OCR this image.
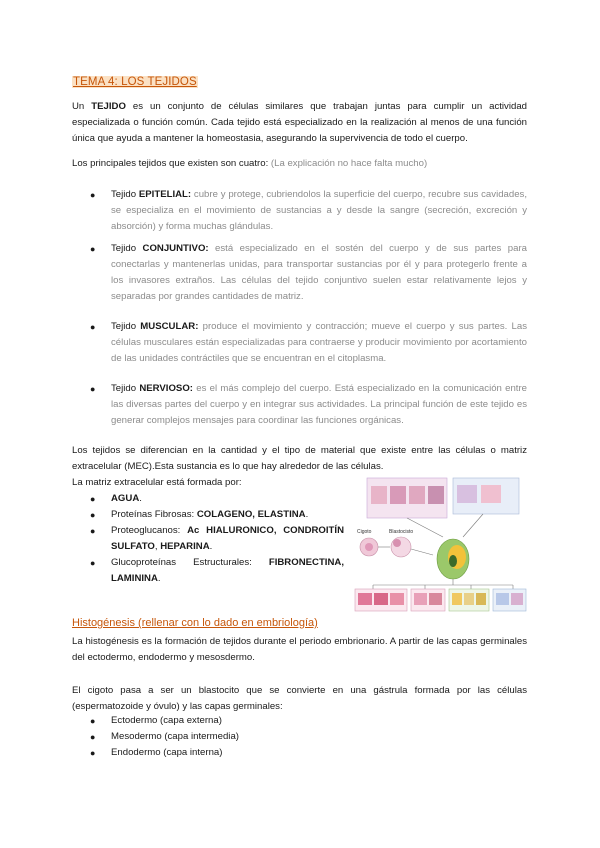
TEMA 4: LOS TEJIDOS

Un TEJIDO es un conjunto de células similares que trabajan juntas para cumplir un actividad especializada o función común. Cada tejido está especializado en la realización al menos de una función única que ayuda a mantener la homeostasia, asegurando la supervivencia de todo el cuerpo.

Los principales tejidos que existen son cuatro: (La explicación no hace falta mucho)

● Tejido EPITELIAL: cubre y protege, cubriendolos la superficie del cuerpo, recubre sus cavidades, se especializa en el movimiento de sustancias a y desde la sangre (secreción, excreción y absorción) y forma muchas glándulas.
● Tejido CONJUNTIVO: está especializado en el sostén del cuerpo y de sus partes para conectarlas y mantenerlas unidas, para transportar sustancias por él y para protegerlo frente a los invasores extraños. Las células del tejido conjuntivo suelen estar relativamente lejos y separadas por grandes cantidades de matriz.
● Tejido MUSCULAR: produce el movimiento y contracción; mueve el cuerpo y sus partes. Las células musculares están especializadas para contraerse y producir movimiento por acortamiento de las unidades contráctiles que se encuentran en el citoplasma.
● Tejido NERVIOSO: es el más complejo del cuerpo. Está especializado en la comunicación entre las diversas partes del cuerpo y en integrar sus actividades. La principal función de este tejido es generar complejos mensajes para coordinar las funciones orgánicas.

Los tejidos se diferencian en la cantidad y el tipo de material que existe entre las células o matriz extracelular (MEC).Esta sustancia es lo que hay alrededor de las células.

La matriz extracelular está formada por:

● AGUA.
● Proteínas Fibrosas: COLAGENO, ELASTINA.
● Proteoglucanos: Ac HIALURONICO, CONDROITÍN SULFATO, HEPARINA.
● Glucoproteínas Estructurales: FIBRONECTINA, LAMININA.
Cigoto	Blastocisto
Histogénesis (rellenar con lo dado en embriología)

La histogénesis es la formación de tejidos durante el periodo embrionario. A partir de las capas germinales del ectodermo, endodermo y mesosdermo.

El cigoto pasa a ser un blastocito que se convierte en una gástrula formada por las células (espermatozoide y óvulo) y las capas germinales:

● Ectodermo (capa externa)
● Mesodermo (capa intermedia)
● Endodermo (capa interna)
